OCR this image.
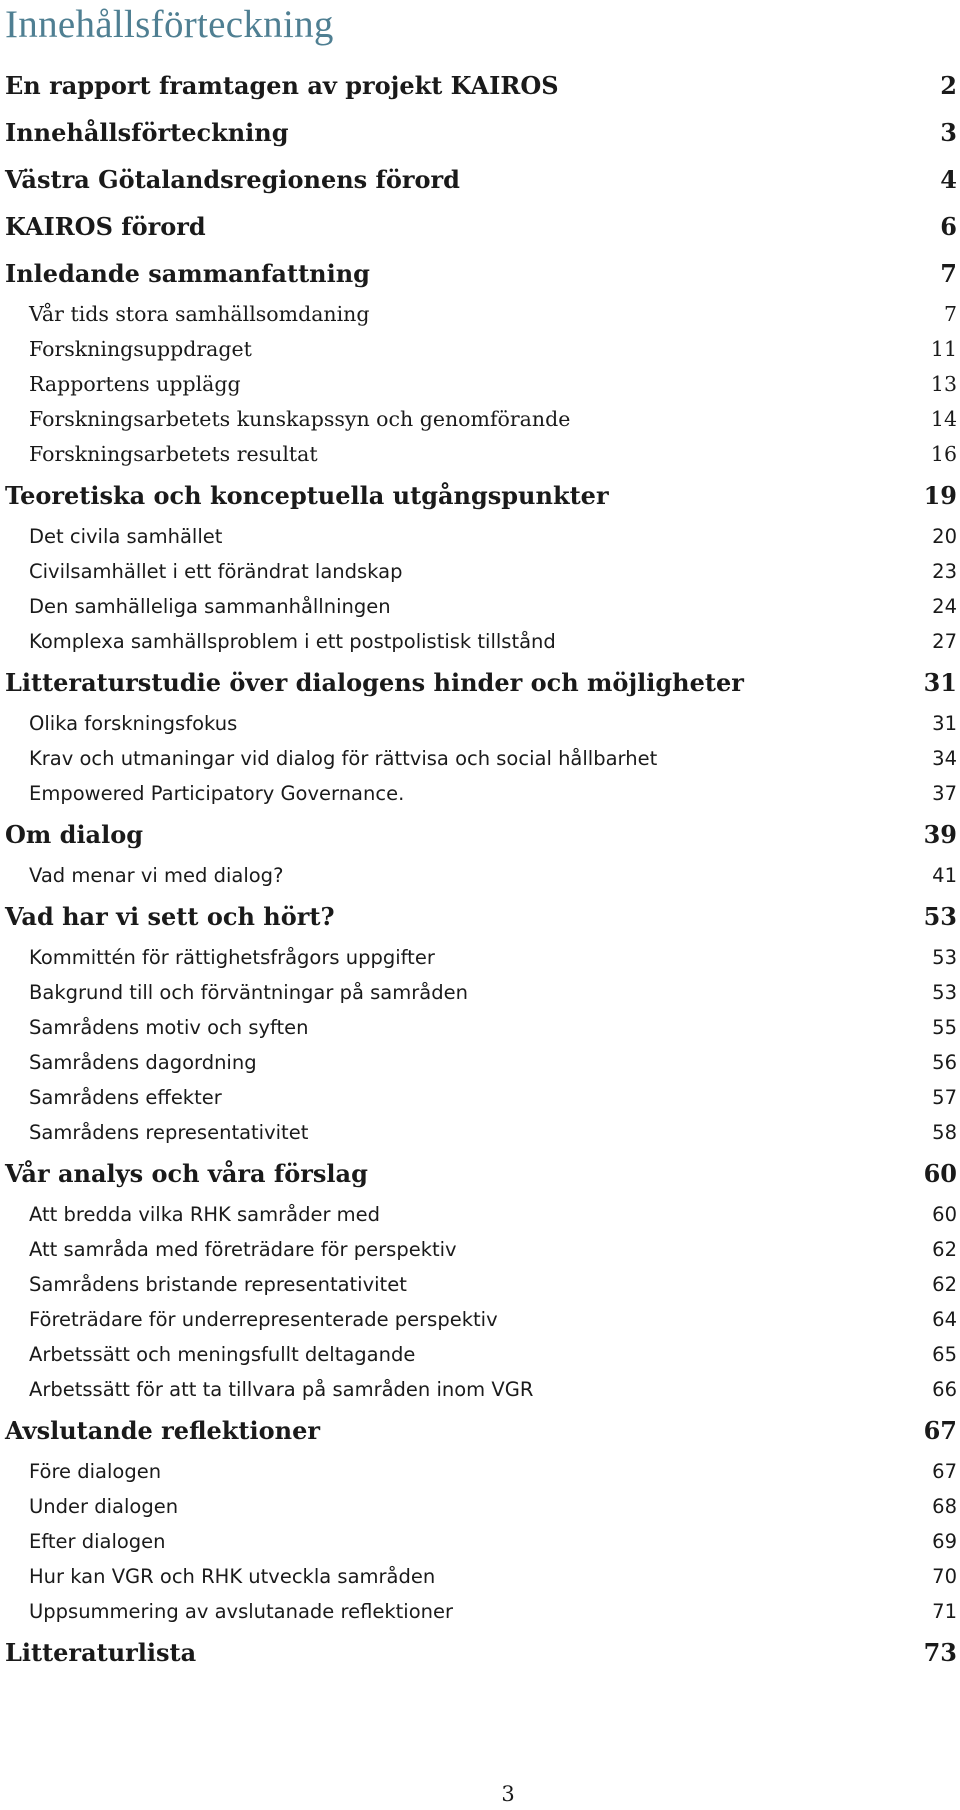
Innehållsförteckning
En rapport framtagen av projekt KAIROS	2
Innehållsförteckning	3
Västra Götalandsregionens förord	4
KAIROS förord	6
Inledande sammanfattning	7
Vår tids stora samhällsomdaning	7
Forskningsuppdraget	11
Rapportens upplägg	13
Forskningsarbetets kunskapssyn och genomförande	14
Forskningsarbetets resultat	16
Teoretiska och konceptuella utgångspunkter	19
Det civila samhället	20
Civilsamhället i ett förändrat landskap	23
Den samhälleliga sammanhållningen	24
Komplexa samhällsproblem i ett postpolistisk tillstånd	27
Litteraturstudie över dialogens hinder och möjligheter	31
Olika forskningsfokus	31
Krav och utmaningar vid dialog för rättvisa och social hållbarhet	34
Empowered Participatory Governance.	37
Om dialog	39
Vad menar vi med dialog?	41
Vad har vi sett och hört?	53
Kommittén för rättighetsfrågors uppgifter	53
Bakgrund till och förväntningar på samråden	53
Samrådens motiv och syften	55
Samrådens dagordning	56
Samrådens effekter	57
Samrådens representativitet	58
Vår analys och våra förslag	60
Att bredda vilka RHK samråder med	60
Att samråda med företrädare för perspektiv	62
Samrådens bristande representativitet	62
Företrädare för underrepresenterade perspektiv	64
Arbetssätt och meningsfullt deltagande	65
Arbetssätt för att ta tillvara på samråden inom VGR	66
Avslutande reflektioner	67
Före dialogen	67
Under dialogen	68
Efter dialogen	69
Hur kan VGR och RHK utveckla samråden	70
Uppsummering av avslutanade reflektioner	71
Litteraturlista	73
3
